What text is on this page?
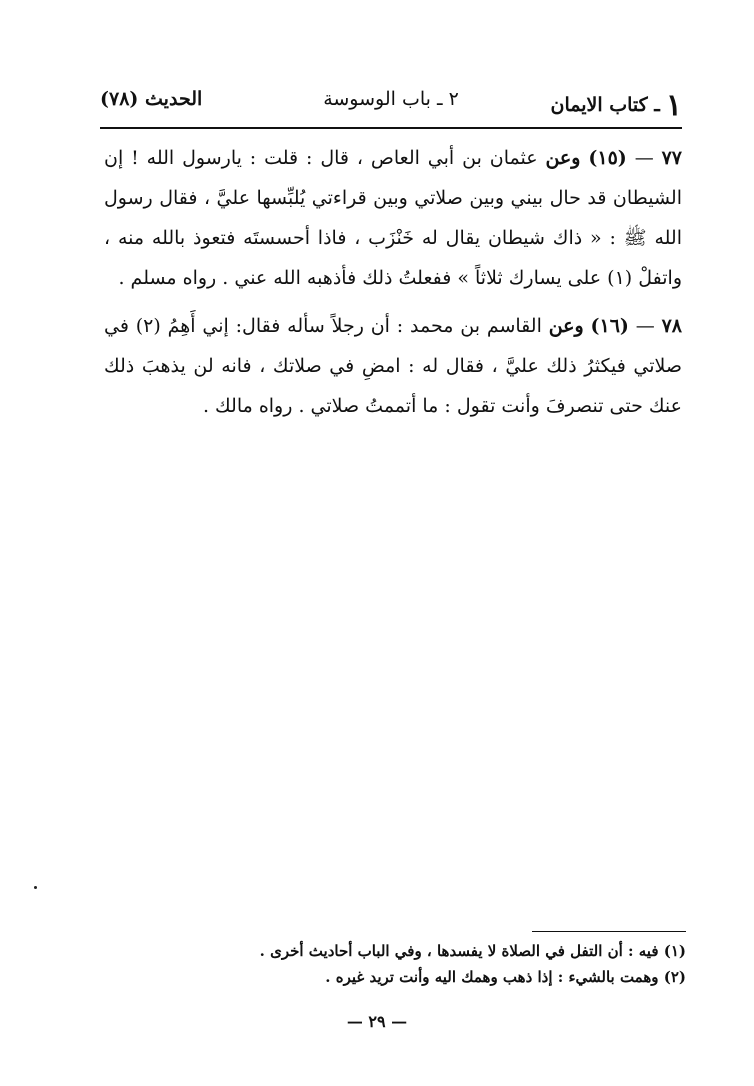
١ـ كتاب الايمان
٢ ـ باب الوسوسة
الحديث (٧٨)

٧٧ — (١٥) وعن عثمان بن أبي العاص ، قال : قلت : يارسول الله ! إن الشيطان قد حال بيني وبين صلاتي وبين قراءتي يُلبِّسها عليَّ ، فقال رسول الله ﷺ : « ذاك شيطان يقال له خَنْزَب ، فاذا أحسستَه فتعوذ بالله منه ، واتفلْ (١) على يسارك ثلاثاً » ففعلتُ ذلك فأذهبه الله عني . رواه مسلم .

٧٨ — (١٦) وعن القاسم بن محمد : أن رجلاً سأله فقال: إني أَهِمُ (٢) في صلاتي فيكثرُ ذلك عليَّ ، فقال له : امضِ في صلاتك ، فانه لن يذهبَ ذلك عنك حتى تنصرفَ وأنت تقول : ما أتممتُ صلاتي . رواه مالك .

(١) فيه : أن التفل في الصلاة لا يفسدها ، وفي الباب أحاديث أخرى .

(٢) وهمت بالشيء : إذا ذهب وهمك اليه وأنت تريد غيره .

— ٢٩ —
